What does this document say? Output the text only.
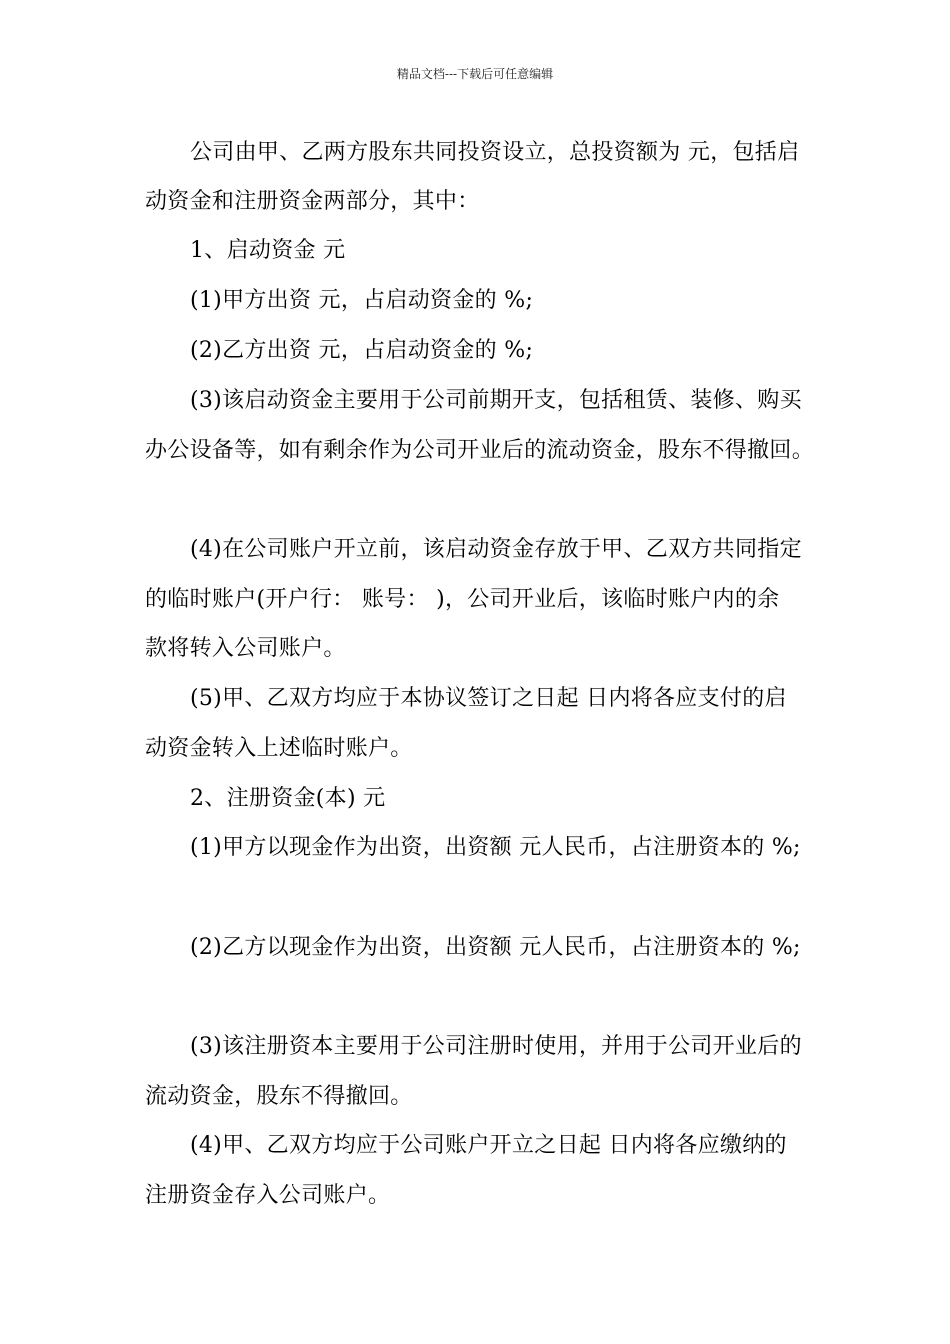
精品文档---下载后可任意编辑
公司由甲、乙两方股东共同投资设立，总投资额为 元，包括启
动资金和注册资金两部分，其中：
1、启动资金 元
(1)甲方出资 元，占启动资金的 %;
(2)乙方出资 元，占启动资金的 %;
(3)该启动资金主要用于公司前期开支，包括租赁、装修、购买
办公设备等，如有剩余作为公司开业后的流动资金，股东不得撤回。
(4)在公司账户开立前，该启动资金存放于甲、乙双方共同指定
的临时账户(开户行： 账号： )，公司开业后，该临时账户内的余
款将转入公司账户。
(5)甲、乙双方均应于本协议签订之日起 日内将各应支付的启
动资金转入上述临时账户。
2、注册资金(本) 元
(1)甲方以现金作为出资，出资额 元人民币，占注册资本的 %;
(2)乙方以现金作为出资，出资额 元人民币，占注册资本的 %;
(3)该注册资本主要用于公司注册时使用，并用于公司开业后的
流动资金，股东不得撤回。
(4)甲、乙双方均应于公司账户开立之日起 日内将各应缴纳的
注册资金存入公司账户。
